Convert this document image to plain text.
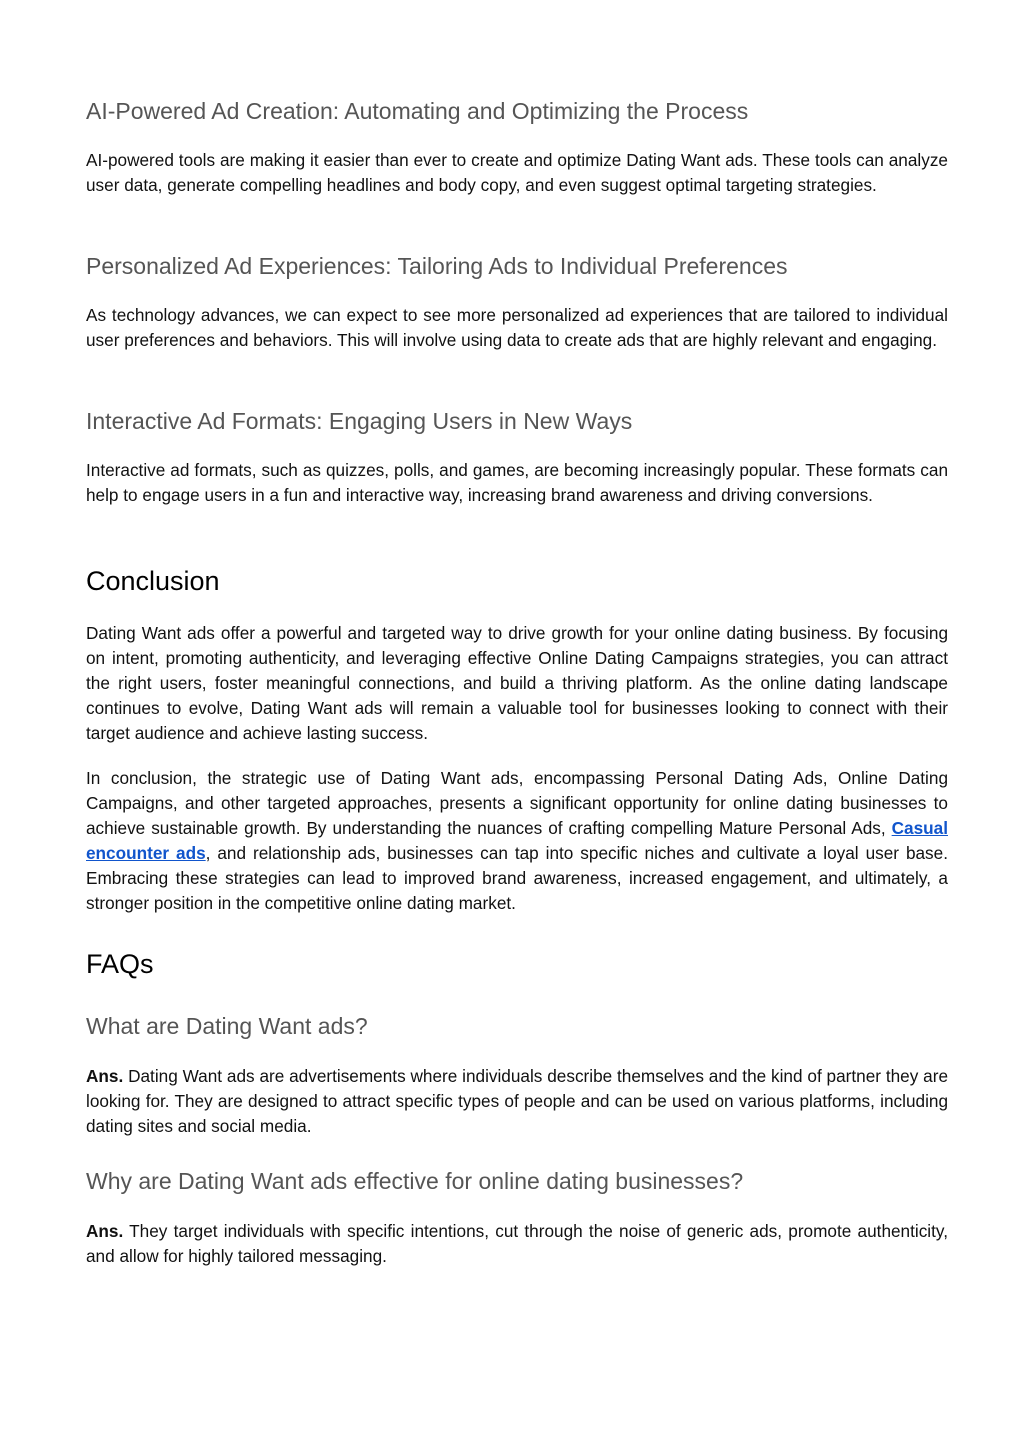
AI-Powered Ad Creation: Automating and Optimizing the Process

AI-powered tools are making it easier than ever to create and optimize Dating Want ads. These tools can analyze user data, generate compelling headlines and body copy, and even suggest optimal targeting strategies.

Personalized Ad Experiences: Tailoring Ads to Individual Preferences

As technology advances, we can expect to see more personalized ad experiences that are tailored to individual user preferences and behaviors. This will involve using data to create ads that are highly relevant and engaging.

Interactive Ad Formats: Engaging Users in New Ways

Interactive ad formats, such as quizzes, polls, and games, are becoming increasingly popular. These formats can help to engage users in a fun and interactive way, increasing brand awareness and driving conversions.

Conclusion

Dating Want ads offer a powerful and targeted way to drive growth for your online dating business. By focusing on intent, promoting authenticity, and leveraging effective Online Dating Campaigns strategies, you can attract the right users, foster meaningful connections, and build a thriving platform. As the online dating landscape continues to evolve, Dating Want ads will remain a valuable tool for businesses looking to connect with their target audience and achieve lasting success.

In conclusion, the strategic use of Dating Want ads, encompassing Personal Dating Ads, Online Dating Campaigns, and other targeted approaches, presents a significant opportunity for online dating businesses to achieve sustainable growth. By understanding the nuances of crafting compelling Mature Personal Ads, Casual encounter ads, and relationship ads, businesses can tap into specific niches and cultivate a loyal user base. Embracing these strategies can lead to improved brand awareness, increased engagement, and ultimately, a stronger position in the competitive online dating market.

FAQs
What are Dating Want ads?

Ans. Dating Want ads are advertisements where individuals describe themselves and the kind of partner they are looking for. They are designed to attract specific types of people and can be used on various platforms, including dating sites and social media.

Why are Dating Want ads effective for online dating businesses?

Ans. They target individuals with specific intentions, cut through the noise of generic ads, promote authenticity, and allow for highly tailored messaging.
